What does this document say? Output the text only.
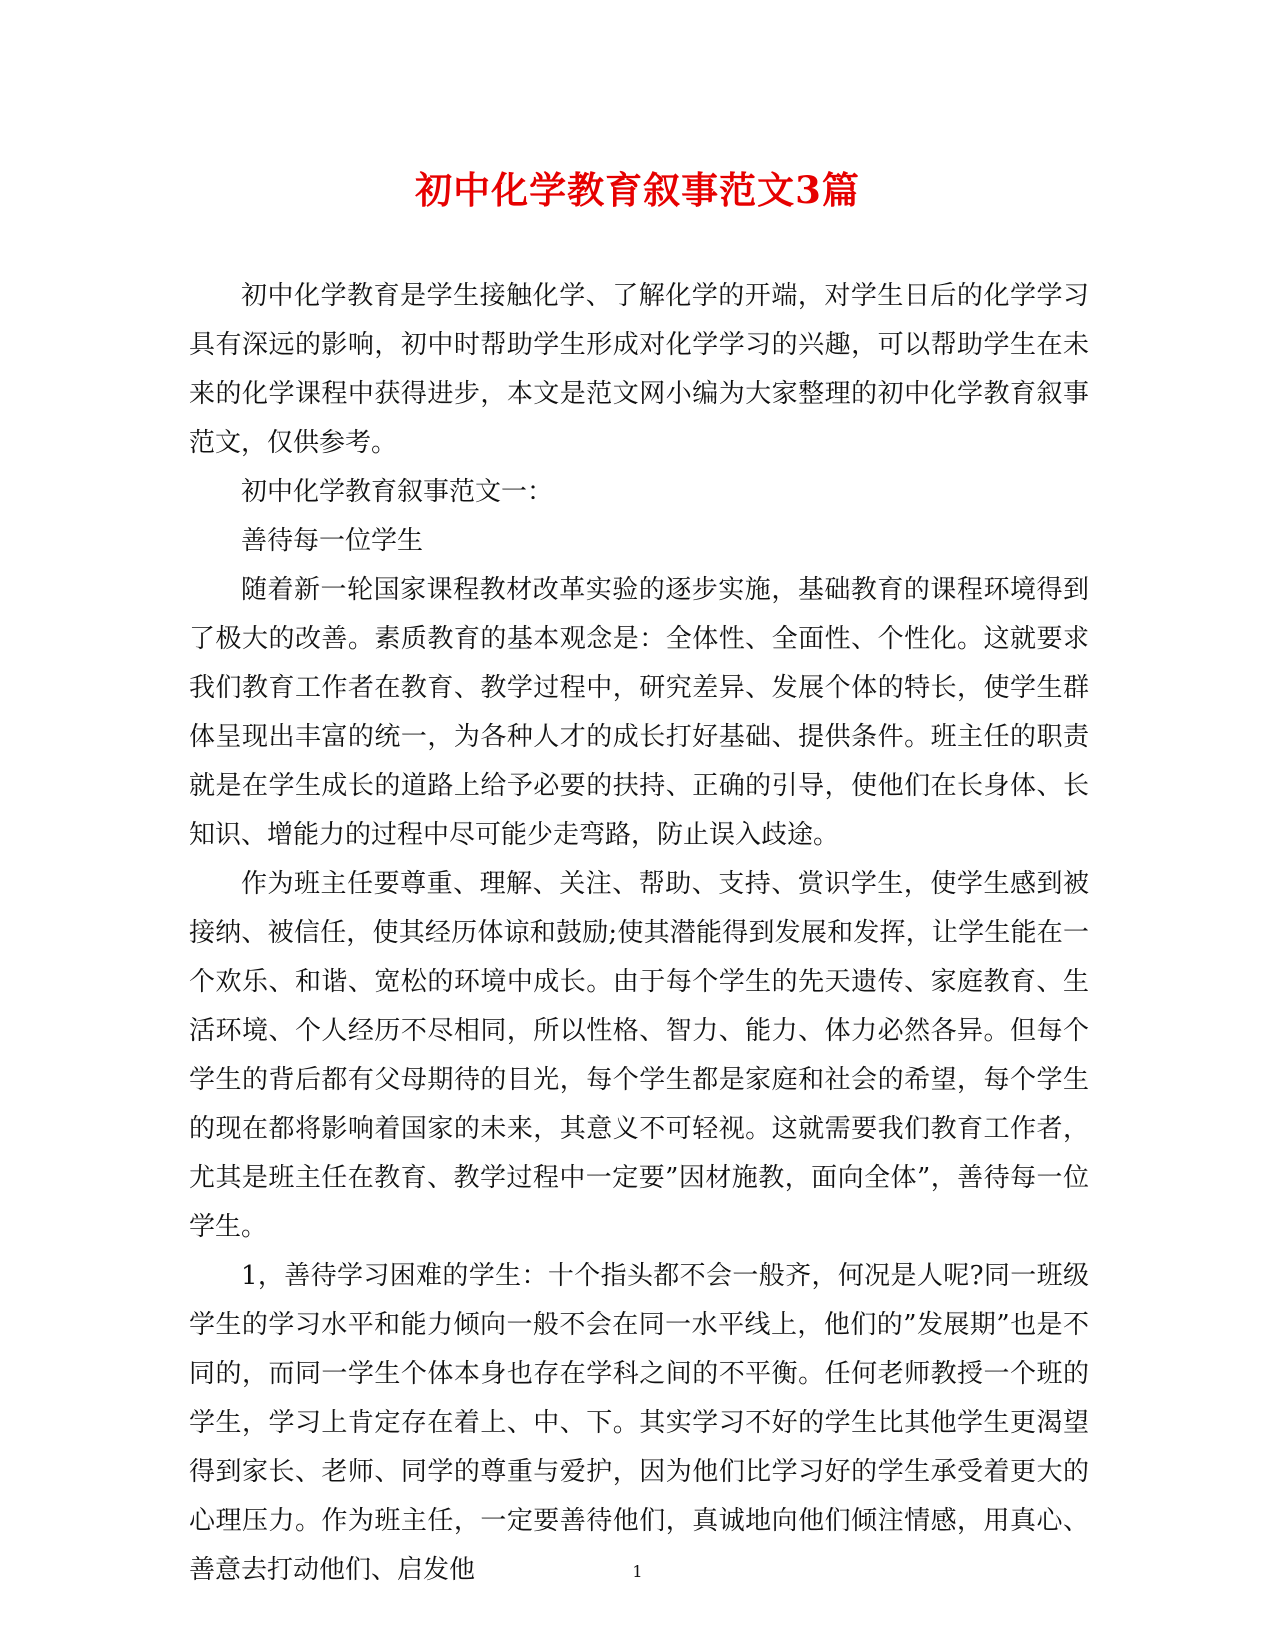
初中化学教育叙事范文3篇

初中化学教育是学生接触化学、了解化学的开端，对学生日后的化学学习具有深远的影响，初中时帮助学生形成对化学学习的兴趣，可以帮助学生在未来的化学课程中获得进步，本文是范文网小编为大家整理的初中化学教育叙事范文，仅供参考。

初中化学教育叙事范文一：

善待每一位学生

随着新一轮国家课程教材改革实验的逐步实施，基础教育的课程环境得到了极大的改善。素质教育的基本观念是：全体性、全面性、个性化。这就要求我们教育工作者在教育、教学过程中，研究差异、发展个体的特长，使学生群体呈现出丰富的统一，为各种人才的成长打好基础、提供条件。班主任的职责就是在学生成长的道路上给予必要的扶持、正确的引导，使他们在长身体、长知识、增能力的过程中尽可能少走弯路，防止误入歧途。

作为班主任要尊重、理解、关注、帮助、支持、赏识学生，使学生感到被接纳、被信任，使其经历体谅和鼓励;使其潜能得到发展和发挥，让学生能在一个欢乐、和谐、宽松的环境中成长。由于每个学生的先天遗传、家庭教育、生活环境、个人经历不尽相同，所以性格、智力、能力、体力必然各异。但每个学生的背后都有父母期待的目光，每个学生都是家庭和社会的希望，每个学生的现在都将影响着国家的未来，其意义不可轻视。这就需要我们教育工作者，尤其是班主任在教育、教学过程中一定要”因材施教，面向全体”，善待每一位学生。

1，善待学习困难的学生：十个指头都不会一般齐，何况是人呢?同一班级学生的学习水平和能力倾向一般不会在同一水平线上，他们的”发展期”也是不同的，而同一学生个体本身也存在学科之间的不平衡。任何老师教授一个班的学生，学习上肯定存在着上、中、下。其实学习不好的学生比其他学生更渴望得到家长、老师、同学的尊重与爱护，因为他们比学习好的学生承受着更大的心理压力。作为班主任，一定要善待他们，真诚地向他们倾注情感，用真心、善意去打动他们、启发他	1
